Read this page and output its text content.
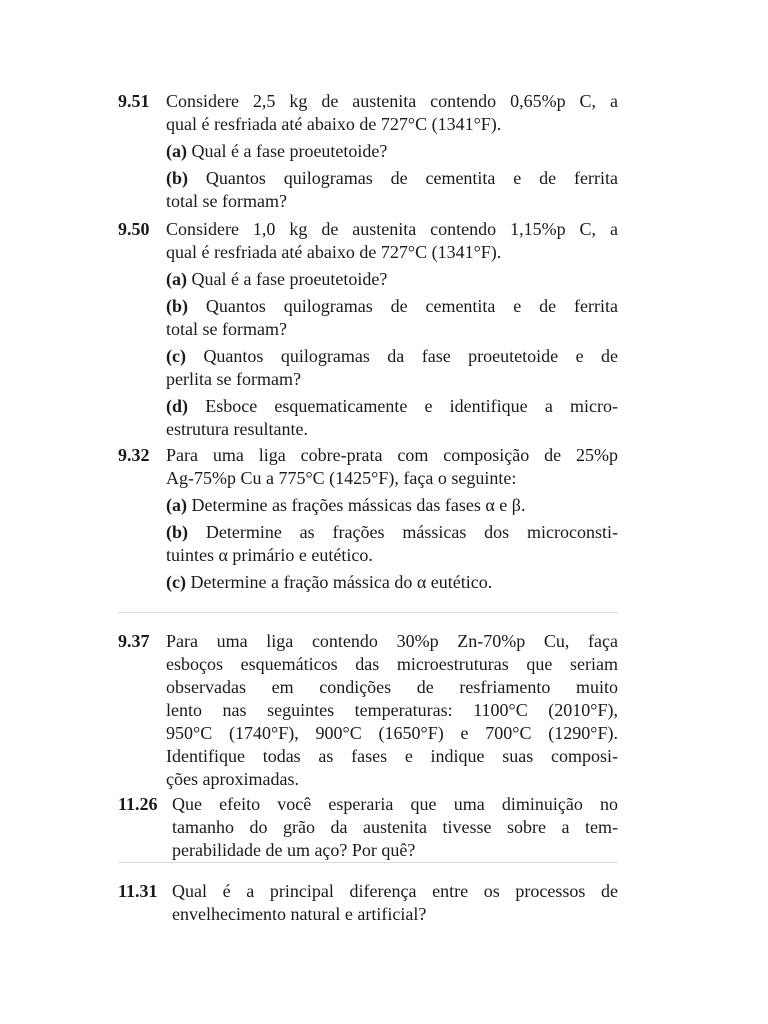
9.51 Considere 2,5 kg de austenita contendo 0,65%p C, a
qual é resfriada até abaixo de 727°C (1341°F).
(a) Qual é a fase proeutetoide?
(b) Quantos quilogramas de cementita e de ferrita
total se formam?
9.50 Considere 1,0 kg de austenita contendo 1,15%p C, a
qual é resfriada até abaixo de 727°C (1341°F).
(a) Qual é a fase proeutetoide?
(b) Quantos quilogramas de cementita e de ferrita
total se formam?
(c) Quantos quilogramas da fase proeutetoide e de
perlita se formam?
(d) Esboce esquematicamente e identifique a micro-
estrutura resultante.
9.32 Para uma liga cobre-prata com composição de 25%p
Ag-75%p Cu a 775°C (1425°F), faça o seguinte:
(a) Determine as frações mássicas das fases α e β.
(b) Determine as frações mássicas dos microconsti-
tuintes α primário e eutético.
(c) Determine a fração mássica do α eutético.
9.37 Para uma liga contendo 30%p Zn-70%p Cu, faça
esboços esquemáticos das microestruturas que seriam
observadas em condições de resfriamento muito
lento nas seguintes temperaturas: 1100°C (2010°F),
950°C (1740°F), 900°C (1650°F) e 700°C (1290°F).
Identifique todas as fases e indique suas composi-
ções aproximadas.
11.26 Que efeito você esperaria que uma diminuição no
tamanho do grão da austenita tivesse sobre a tem-
perabilidade de um aço? Por quê?
11.31 Qual é a principal diferença entre os processos de
envelhecimento natural e artificial?
